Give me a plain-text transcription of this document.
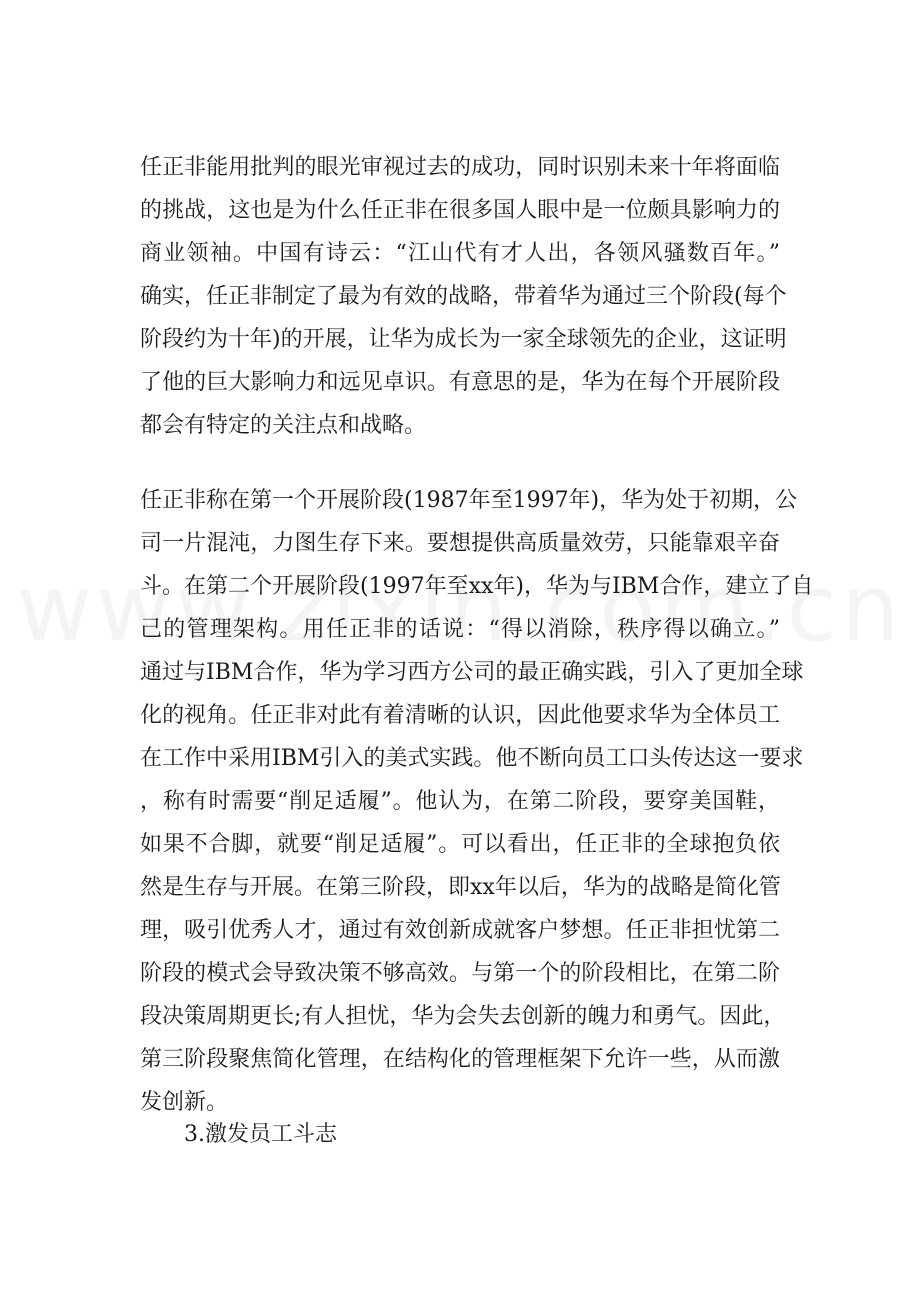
任正非能用批判的眼光审视过去的成功，同时识别未来十年将面临
的挑战，这也是为什么任正非在很多国人眼中是一位颇具影响力的
商业领袖。中国有诗云：“江山代有才人出，各领风骚数百年。”
确实，任正非制定了最为有效的战略，带着华为通过三个阶段(每个
阶段约为十年)的开展，让华为成长为一家全球领先的企业，这证明
了他的巨大影响力和远见卓识。有意思的是，华为在每个开展阶段
都会有特定的关注点和战略。
任正非称在第一个开展阶段(1987年至1997年)，华为处于初期，公
司一片混沌，力图生存下来。要想提供高质量效劳，只能靠艰辛奋
斗。在第二个开展阶段(1997年至xx年)，华为与IBM合作，建立了自
己的管理架构。用任正非的话说：“得以消除，秩序得以确立。”
通过与IBM合作，华为学习西方公司的最正确实践，引入了更加全球
化的视角。任正非对此有着清晰的认识，因此他要求华为全体员工
在工作中采用IBM引入的美式实践。他不断向员工口头传达这一要求
，称有时需要“削足适履”。他认为，在第二阶段，要穿美国鞋，
如果不合脚，就要“削足适履”。可以看出，任正非的全球抱负依
然是生存与开展。在第三阶段，即xx年以后，华为的战略是简化管
理，吸引优秀人才，通过有效创新成就客户梦想。任正非担忧第二
阶段的模式会导致决策不够高效。与第一个的阶段相比，在第二阶
段决策周期更长;有人担忧，华为会失去创新的魄力和勇气。因此，
第三阶段聚焦简化管理，在结构化的管理框架下允许一些，从而激
发创新。
3.激发员工斗志
